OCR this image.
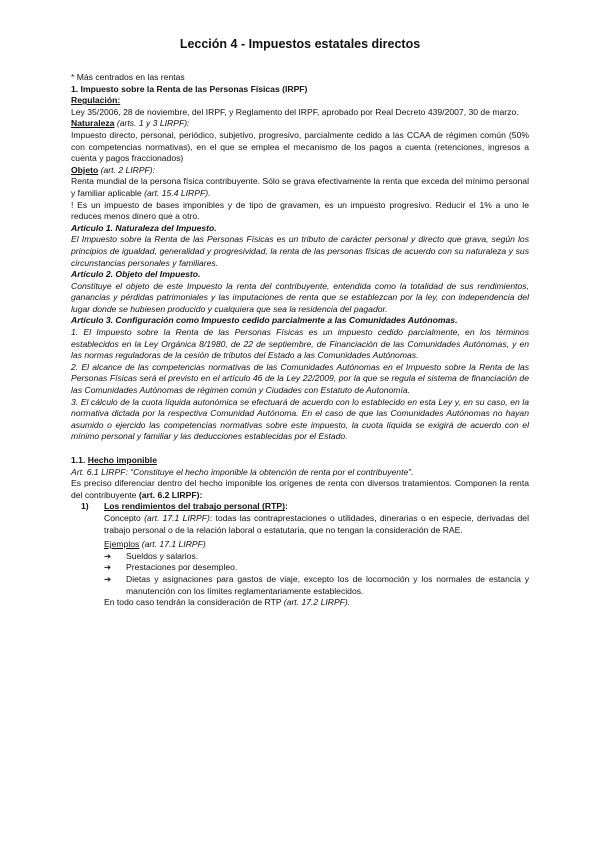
Lección 4 - Impuestos estatales directos

* Más centrados en las rentas

1. Impuesto sobre la Renta de las Personas Físicas (IRPF)

Regulación:

Ley 35/2006, 28 de noviembre, del IRPF, y Reglamento del IRPF, aprobado por Real Decreto 439/2007, 30 de marzo.

Naturaleza (arts. 1 y 3 LIRPF):

Impuesto directo, personal, periódico, subjetivo, progresivo, parcialmente cedido a las CCAA de régimen común (50% con competencias normativas), en el que se emplea el mecanismo de los pagos a cuenta (retenciones, ingresos a cuenta y pagos fraccionados)

Objeto (art. 2 LIRPF):

Renta mundial de la persona física contribuyente. Sólo se grava efectivamente la renta que exceda del mínimo personal y familiar aplicable (art. 15.4 LIRPF).

! Es un impuesto de bases imponibles y de tipo de gravamen, es un impuesto progresivo. Reducir el 1% a uno le reduces menos dinero que a otro.

Artículo 1. Naturaleza del Impuesto.

El Impuesto sobre la Renta de las Personas Físicas es un tributo de carácter personal y directo que grava, según los principios de igualdad, generalidad y progresividad, la renta de las personas físicas de acuerdo con su naturaleza y sus circunstancias personales y familiares.

Artículo 2. Objeto del Impuesto.

Constituye el objeto de este Impuesto la renta del contribuyente, entendida como la totalidad de sus rendimientos, ganancias y pérdidas patrimoniales y las imputaciones de renta que se establezcan por la ley, con independencia del lugar donde se hubiesen producido y cualquiera que sea la residencia del pagador.

Artículo 3. Configuración como Impuesto cedido parcialmente a las Comunidades Autónomas.

1. El Impuesto sobre la Renta de las Personas Físicas es un impuesto cedido parcialmente, en los términos establecidos en la Ley Orgánica 8/1980, de 22 de septiembre, de Financiación de las Comunidades Autónomas, y en las normas reguladoras de la cesión de tributos del Estado a las Comunidades Autónomas.

2. El alcance de las competencias normativas de las Comunidades Autónomas en el Impuesto sobre la Renta de las Personas Físicas será el previsto en el artículo 46 de la Ley 22/2009, por la que se regula el sistema de financiación de las Comunidades Autónomas de régimen común y Ciudades con Estatuto de Autonomía.

3. El cálculo de la cuota líquida autonómica se efectuará de acuerdo con lo establecido en esta Ley y, en su caso, en la normativa dictada por la respectiva Comunidad Autónoma. En el caso de que las Comunidades Autónomas no hayan asumido o ejercido las competencias normativas sobre este impuesto, la cuota líquida se exigirá de acuerdo con el mínimo personal y familiar y las deducciones establecidas por el Estado.

1.1. Hecho imponible

Art. 6.1 LIRPF: “Constituye el hecho imponible la obtención de renta por el contribuyente”.

Es preciso diferenciar dentro del hecho imponible los orígenes de renta con diversos tratamientos. Componen la renta del contribuyente (art. 6.2 LIRPF):

1) Los rendimientos del trabajo personal (RTP):

Concepto (art. 17.1 LIRPF): todas las contraprestaciones o utilidades, dinerarias o en especie, derivadas del trabajo personal o de la relación laboral o estatutaria, que no tengan la consideración de RAE.

Ejemplos (art. 17.1 LIRPF)

➔ Sueldos y salarios.
➔ Prestaciones por desempleo.
➔ Dietas y asignaciones para gastos de viaje, excepto los de locomoción y los normales de estancia y manutención con los límites reglamentariamente establecidos.

En todo caso tendrán la consideración de RTP (art. 17.2 LIRPF).
